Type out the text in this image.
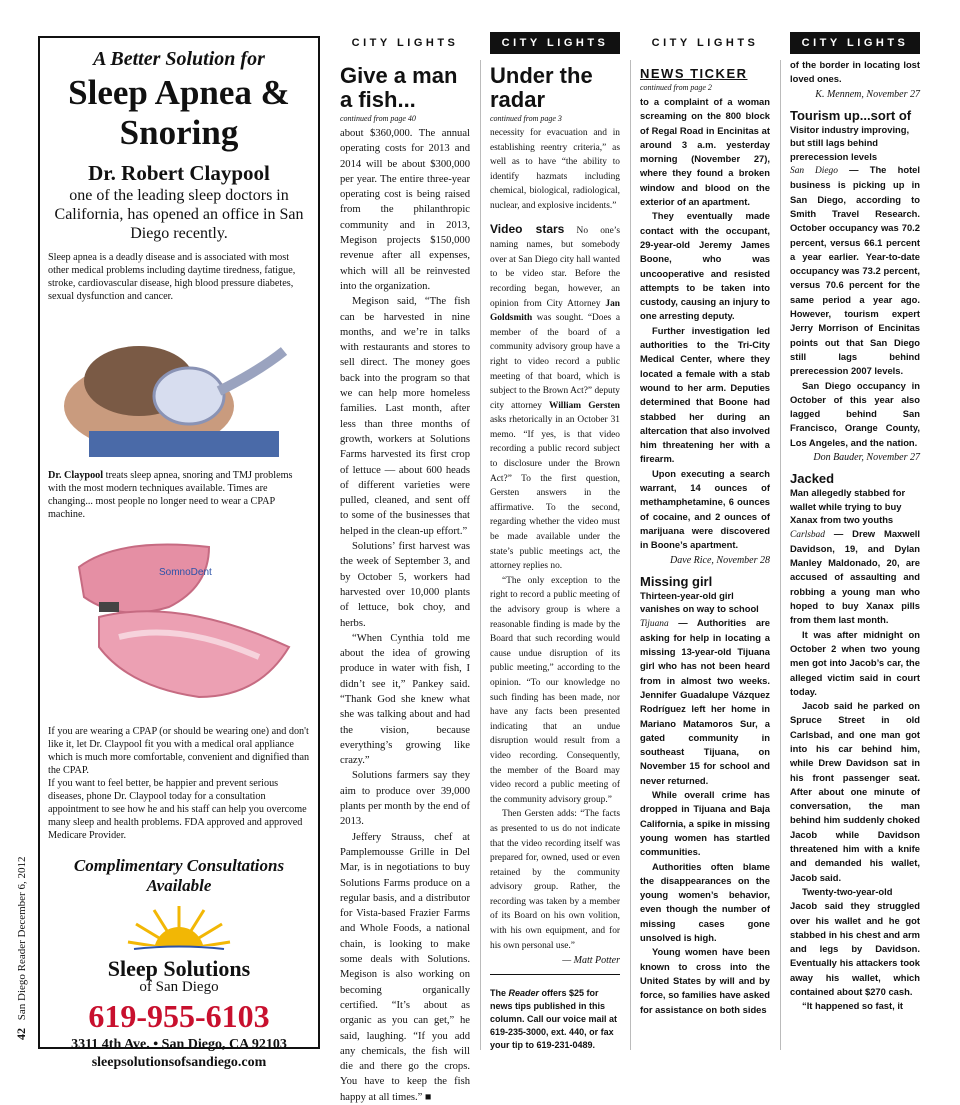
42 San Diego Reader December 6, 2012
A Better Solution for
Sleep Apnea &
Snoring
Dr. Robert Claypool
one of the leading sleep doctors in California, has opened an office in San Diego recently.
Sleep apnea is a deadly disease and is associated with most other medical problems including daytime tiredness, fatigue, stroke, cardiovascular disease, high blood pressure diabetes, sexual dysfunction and cancer.
Dr. Claypool treats sleep apnea, snoring and TMJ problems with the most modern techniques available. Times are changing... most people no longer need to wear a CPAP machine.
SomnoDent
If you are wearing a CPAP (or should be wearing one) and don't like it, let Dr. Claypool fit you with a medical oral appliance which is much more comfortable, convenient and dignified than the CPAP.
If you want to feel better, be happier and prevent serious diseases, phone Dr. Claypool today for a consultation appointment to see how he and his staff can help you overcome many sleep and health problems. FDA approved and approved Medicare Provider.
Complimentary Consultations Available
Sleep Solutions
of San Diego
619-955-6103
3311 4th Ave. • San Diego, CA 92103
sleepsolutionsofsandiego.com
CITY LIGHTS
Give a man a fish...
continued from page 40

about $360,000. The annual operating costs for 2013 and 2014 will be about $300,000 per year. The entire three-year operating cost is being raised from the philanthropic community and in 2013, Megison projects $150,000 revenue after all expenses, which will all be reinvested into the organization.

Megison said, “The fish can be harvested in nine months, and we’re in talks with restaurants and stores to sell direct. The money goes back into the program so that we can help more homeless families. Last month, after less than three months of growth, workers at Solutions Farms harvested its first crop of lettuce — about 600 heads of different varieties were pulled, cleaned, and sent off to some of the businesses that helped in the clean-up effort.”

Solutions’ first harvest was the week of September 3, and by October 5, workers had harvested over 10,000 plants of lettuce, bok choy, and herbs.

“When Cynthia told me about the idea of growing produce in water with fish, I didn’t see it,” Pankey said. “Thank God she knew what she was talking about and had the vision, because everything’s growing like crazy.”

Solutions farmers say they aim to produce over 39,000 plants per month by the end of 2013.

Jeffery Strauss, chef at Pamplemousse Grille in Del Mar, is in negotiations to buy Solutions Farms produce on a regular basis, and a distributor for Vista-based Frazier Farms and Whole Foods, a national chain, is looking to make some deals with Solutions. Megison is also working on becoming organically certified. “It’s about as organic as you can get,” he said, laughing. “If you add any chemicals, the fish will die and there go the crops. You have to keep the fish happy at all times.” ■

CITY LIGHTS
Under the radar
continued from page 3

necessity for evacuation and in establishing reentry criteria,” as well as to have “the ability to identify hazmats including chemical, biological, radiological, nuclear, and explosive incidents.”

Video stars No one’s naming names, but somebody over at San Diego city hall wanted to be video star. Before the recording began, however, an opinion from City Attorney Jan Goldsmith was sought. “Does a member of the board of a community advisory group have a right to video record a public meeting of that board, which is subject to the Brown Act?” deputy city attorney William Gersten asks rhetorically in an October 31 memo. “If yes, is that video recording a public record subject to disclosure under the Brown Act?” To the first question, Gersten answers in the affirmative. To the second, regarding whether the video must be made available under the state’s public meetings act, the attorney replies no.

“The only exception to the right to record a public meeting of the advisory group is where a reasonable finding is made by the Board that such recording would cause undue disruption of its public meeting,” according to the opinion. “To our knowledge no such finding has been made, nor have any facts been presented indicating that an undue disruption would result from a video recording. Consequently, the member of the Board may video record a public meeting of the community advisory group.”

Then Gersten adds: “The facts as presented to us do not indicate that the video recording itself was prepared for, owned, used or even retained by the community advisory group. Rather, the recording was taken by a member of its Board on his own volition, with his own equipment, and for his own personal use.”

— Matt Potter
The Reader offers $25 for news tips published in this column. Call our voice mail at 619-235-3000, ext. 440, or fax your tip to 619-231-0489.
CITY LIGHTS
NEWS TICKER
continued from page 2

to a complaint of a woman screaming on the 800 block of Regal Road in Encinitas at around 3 a.m. yesterday morning (November 27), where they found a broken window and blood on the exterior of an apartment.

They eventually made contact with the occupant, 29-year-old Jeremy James Boone, who was uncooperative and resisted attempts to be taken into custody, causing an injury to one arresting deputy.

Further investigation led authorities to the Tri-City Medical Center, where they located a female with a stab wound to her arm. Deputies determined that Boone had stabbed her during an altercation that also involved him threatening her with a firearm.

Upon executing a search warrant, 14 ounces of methamphetamine, 6 ounces of cocaine, and 2 ounces of marijuana were discovered in Boone’s apartment.

Dave Rice, November 28
Missing girl
Thirteen-year-old girl vanishes on way to school

Tijuana — Authorities are asking for help in locating a missing 13-year-old Tijuana girl who has not been heard from in almost two weeks. Jennifer Guadalupe Vázquez Rodríguez left her home in Mariano Matamoros Sur, a gated community in southeast Tijuana, on November 15 for school and never returned.

While overall crime has dropped in Tijuana and Baja California, a spike in missing young women has startled communities.

Authorities often blame the disappearances on the young women’s behavior, even though the number of missing cases gone unsolved is high.

Young women have been known to cross into the United States by will and by force, so families have asked for assistance on both sides

CITY LIGHTS

of the border in locating lost loved ones.

K. Mennem, November 27
Tourism up...sort of
Visitor industry improving, but still lags behind prerecession levels

San Diego — The hotel business is picking up in San Diego, according to Smith Travel Research. October occupancy was 70.2 percent, versus 66.1 percent a year earlier. Year-to-date occupancy was 73.2 percent, versus 70.6 percent for the same period a year ago. However, tourism expert Jerry Morrison of Encinitas points out that San Diego still lags behind prerecession 2007 levels.

San Diego occupancy in October of this year also lagged behind San Francisco, Orange County, Los Angeles, and the nation.

Don Bauder, November 27
Jacked
Man allegedly stabbed for wallet while trying to buy Xanax from two youths

Carlsbad — Drew Maxwell Davidson, 19, and Dylan Manley Maldonado, 20, are accused of assaulting and robbing a young man who hoped to buy Xanax pills from them last month.

It was after midnight on October 2 when two young men got into Jacob’s car, the alleged victim said in court today.

Jacob said he parked on Spruce Street in old Carlsbad, and one man got into his car behind him, while Drew Davidson sat in his front passenger seat. After about one minute of conversation, the man behind him suddenly choked Jacob while Davidson threatened him with a knife and demanded his wallet, Jacob said.

Twenty-two-year-old Jacob said they struggled over his wallet and he got stabbed in his chest and arm and legs by Davidson. Eventually his attackers took away his wallet, which contained about $270 cash.

“It happened so fast, it
